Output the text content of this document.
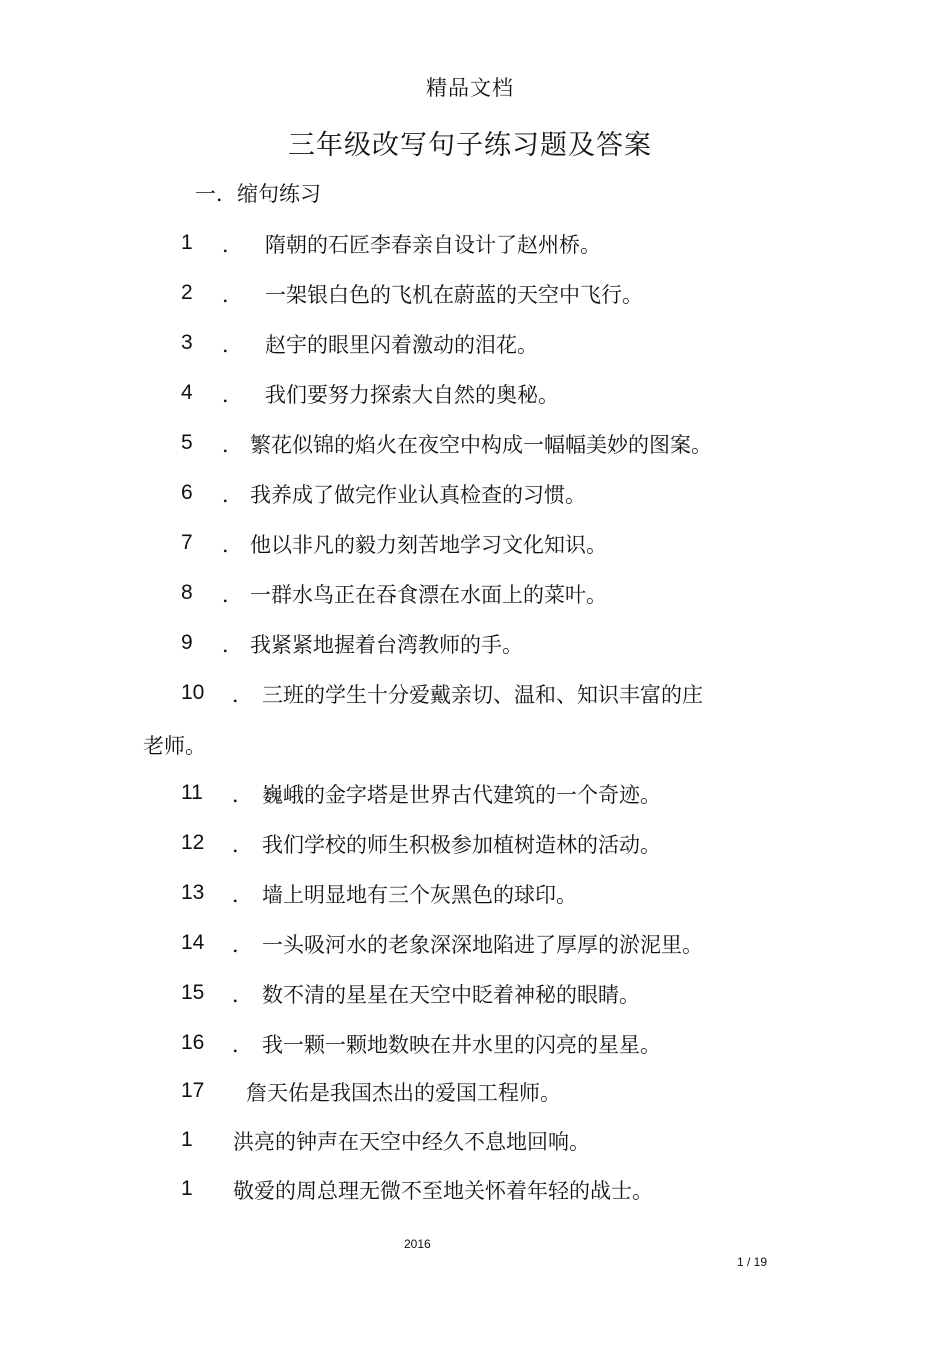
精品文档
三年级改写句子练习题及答案
一．缩句练习
1 ． 隋朝的石匠李春亲自设计了赵州桥。
2 ． 一架银白色的飞机在蔚蓝的天空中飞行。
3 ． 赵宇的眼里闪着激动的泪花。
4 ． 我们要努力探索大自然的奥秘。
5 ． 繁花似锦的焰火在夜空中构成一幅幅美妙的图案。
6 ． 我养成了做完作业认真检查的习惯。
7 ． 他以非凡的毅力刻苦地学习文化知识。
8 ． 一群水鸟正在吞食漂在水面上的菜叶。
9 ． 我紧紧地握着台湾教师的手。
10 ． 三班的学生十分爱戴亲切、温和、知识丰富的庄
11 ． 巍峨的金字塔是世界古代建筑的一个奇迹。
12 ． 我们学校的师生积极参加植树造林的活动。
13 ． 墙上明显地有三个灰黑色的球印。
14 ． 一头吸河水的老象深深地陷进了厚厚的淤泥里。
15 ． 数不清的星星在天空中眨着神秘的眼睛。
16 ． 我一颗一颗地数映在井水里的闪亮的星星。
17 詹天佑是我国杰出的爱国工程师。
1 洪亮的钟声在天空中经久不息地回响。
1 敬爱的周总理无微不至地关怀着年轻的战士。
老师。
2016
1 / 19
